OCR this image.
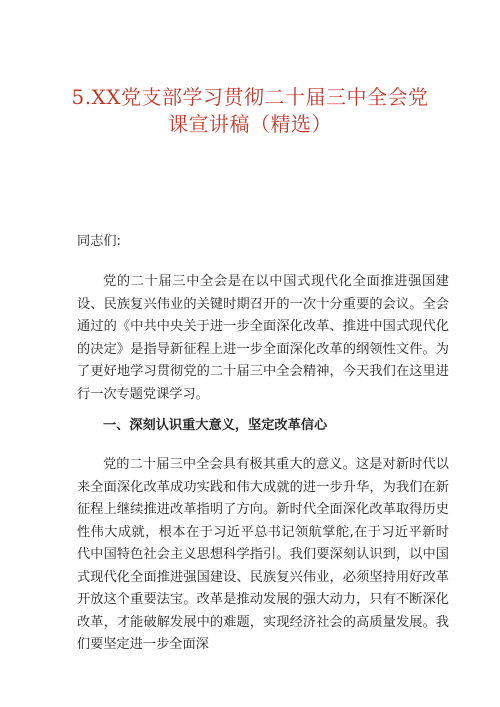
5.XX党支部学习贯彻二十届三中全会党
课宣讲稿（精选）
同志们:

党的二十届三中全会是在以中国式现代化全面推进强国建设、民族复兴伟业的关键时期召开的一次十分重要的会议。全会通过的《中共中央关于进一步全面深化改革、推进中国式现代化的决定》是指导新征程上进一步全面深化改革的纲领性文件。为了更好地学习贯彻党的二十届三中全会精神，今天我们在这里进行一次专题党课学习。

一、深刻认识重大意义，坚定改革信心

党的二十届三中全会具有极其重大的意义。这是对新时代以来全面深化改革成功实践和伟大成就的进一步升华，为我们在新征程上继续推进改革指明了方向。新时代全面深化改革取得历史性伟大成就，根本在于习近平总书记领航掌舵,在于习近平新时代中国特色社会主义思想科学指引。我们要深刻认识到，以中国式现代化全面推进强国建设、民族复兴伟业，必须坚持用好改革开放这个重要法宝。改革是推动发展的强大动力，只有不断深化改革，才能破解发展中的难题，实现经济社会的高质量发展。我们要坚定进一步全面深
